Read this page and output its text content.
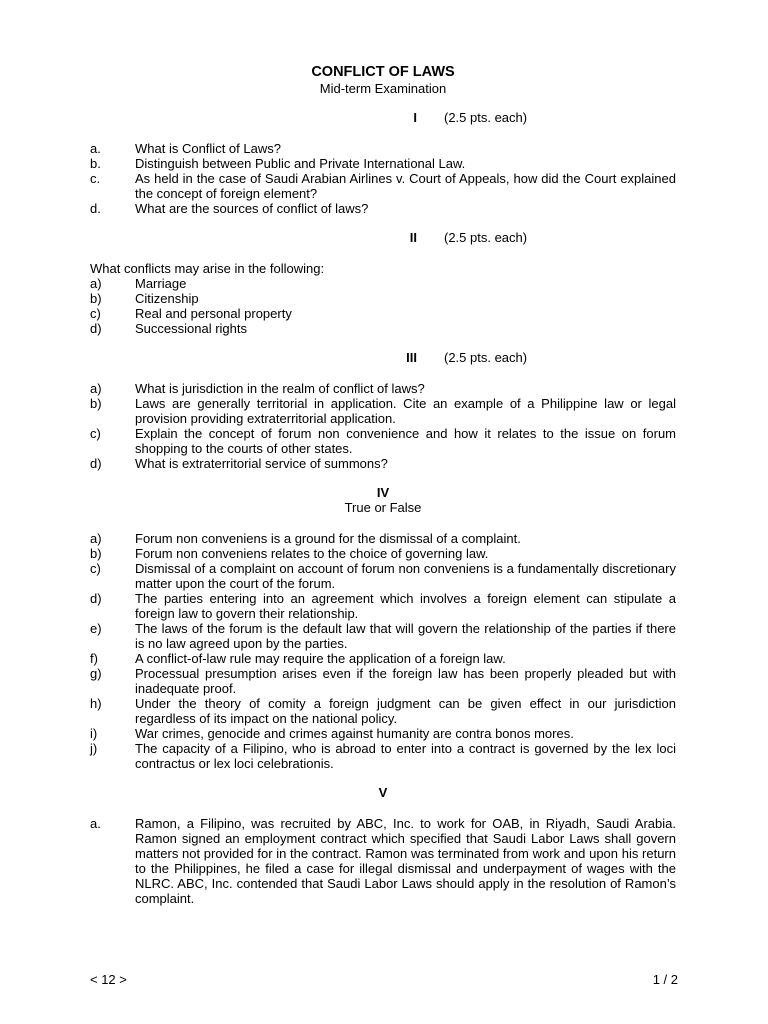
CONFLICT OF LAWS
Mid-term Examination
I (2.5 pts. each)
a.	What is Conflict of Laws?
b.	Distinguish between Public and Private International Law.
c.	As held in the case of Saudi Arabian Airlines v. Court of Appeals, how did the Court explained the concept of foreign element?
d.	What are the sources of conflict of laws?
II (2.5 pts. each)
What conflicts may arise in the following:
a)	Marriage
b)	Citizenship
c)	Real and personal property
d)	Successional rights
III (2.5 pts. each)
a)	What is jurisdiction in the realm of conflict of laws?
b)	Laws are generally territorial in application. Cite an example of a Philippine law or legal provision providing extraterritorial application.
c)	Explain the concept of forum non convenience and how it relates to the issue on forum shopping to the courts of other states.
d)	What is extraterritorial service of summons?
IV
True or False
a)	Forum non conveniens is a ground for the dismissal of a complaint.
b)	Forum non conveniens relates to the choice of governing law.
c)	Dismissal of a complaint on account of forum non conveniens is a fundamentally discretionary matter upon the court of the forum.
d)	The parties entering into an agreement which involves a foreign element can stipulate a foreign law to govern their relationship.
e)	The laws of the forum is the default law that will govern the relationship of the parties if there is no law agreed upon by the parties.
f)	A conflict-of-law rule may require the application of a foreign law.
g)	Processual presumption arises even if the foreign law has been properly pleaded but with inadequate proof.
h)	Under the theory of comity a foreign judgment can be given effect in our jurisdiction regardless of its impact on the national policy.
i)	War crimes, genocide and crimes against humanity are contra bonos mores.
j)	The capacity of a Filipino, who is abroad to enter into a contract is governed by the lex loci contractus or lex loci celebrationis.
V
a.	Ramon, a Filipino, was recruited by ABC, Inc. to work for OAB, in Riyadh, Saudi Arabia. Ramon signed an employment contract which specified that Saudi Labor Laws shall govern matters not provided for in the contract. Ramon was terminated from work and upon his return to the Philippines, he filed a case for illegal dismissal and underpayment of wages with the NLRC. ABC, Inc. contended that Saudi Labor Laws should apply in the resolution of Ramon’s complaint.
< 12 >	1 / 2
